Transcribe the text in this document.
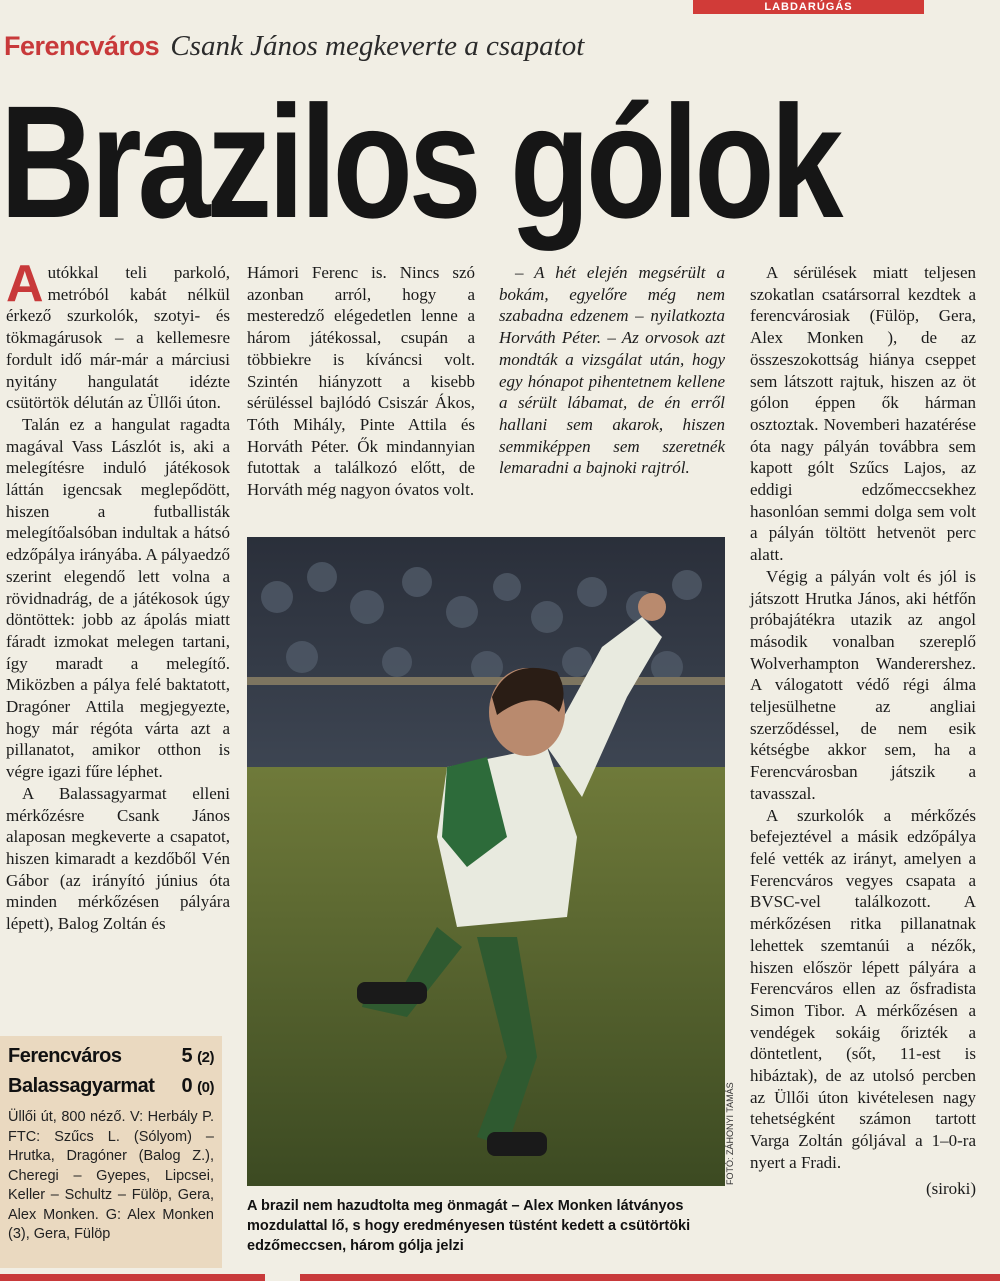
LABDARÚGÁS
Ferencváros Csank János megkeverte a csapatot
Brazilos gólok
A utókkal teli parkoló, metróból kabát nélkül érkező szurkolók, szotyi- és tökmagárusok – a kellemesre fordult idő már-már a márciusi nyitány hangulatát idézte csütörtök délután az Üllői úton.

Talán ez a hangulat ragadta magával Vass Lászlót is, aki a melegítésre induló játékosok láttán igencsak meglepődött, hiszen a futballisták melegítőalsóban indultak a hátsó edzőpálya irányába. A pályaedző szerint elegendő lett volna a rövidnadrág, de a játékosok úgy döntöttek: jobb az ápolás miatt fáradt izmokat melegen tartani, így maradt a melegítő. Miközben a pálya felé baktatott, Dragóner Attila megjegyezte, hogy már régóta várta azt a pillanatot, amikor otthon is végre igazi fűre léphet.

A Balassagyarmat elleni mérkőzésre Csank János alaposan megkeverte a csapatot, hiszen kimaradt a kezdőből Vén Gábor (az irányító június óta minden mérkőzésen pályára lépett), Balog Zoltán és

Hámori Ferenc is. Nincs szó azonban arról, hogy a mesteredző elégedetlen lenne a három játékossal, csupán a többiekre is kíváncsi volt. Szintén hiányzott a kisebb sérüléssel bajlódó Csiszár Ákos, Tóth Mihály, Pinte Attila és Horváth Péter. Ők mindannyian futottak a találkozó előtt, de Horváth még nagyon óvatos volt.

– A hét elején megsérült a bokám, egyelőre még nem szabadna edzenem – nyilatkozta Horváth Péter. – Az orvosok azt mondták a vizsgálat után, hogy egy hónapot pihentetnem kellene a sérült lábamat, de én erről hallani sem akarok, hiszen semmiképpen sem szeretnék lemaradni a bajnoki rajtról.

A sérülések miatt teljesen szokatlan csatársorral kezdtek a ferencvárosiak (Fülöp, Gera, Alex Monken ), de az összeszokottság hiánya cseppet sem látszott rajtuk, hiszen az öt gólon éppen ők hárman osztoztak. Novemberi hazatérése óta nagy pályán továbbra sem kapott gólt Szűcs Lajos, az eddigi edzőmeccsekhez hasonlóan semmi dolga sem volt a pályán töltött hetvenöt perc alatt.

Végig a pályán volt és jól is játszott Hrutka János, aki hétfőn próbajátékra utazik az angol második vonalban szereplő Wolverhampton Wanderershez. A válogatott védő régi álma teljesülhetne az angliai szerződéssel, de nem esik kétségbe akkor sem, ha a Ferencvárosban játszik a tavasszal.

A szurkolók a mérkőzés befejeztével a másik edzőpálya felé vették az irányt, amelyen a Ferencváros vegyes csapata a BVSC-vel találkozott. A mérkőzésen ritka pillanatnak lehettek szemtanúi a nézők, hiszen először lépett pályára a Ferencváros ellen az ősfradista Simon Tibor. A mérkőzésen a vendégek sokáig őrizték a döntetlent, (sőt, 11-est is hibáztak), de az utolsó percben az Üllői úton kivételesen nagy tehetségként számon tartott Varga Zoltán góljával a 1–0-ra nyert a Fradi.

(siroki)
FOTÓ: ZÁHONYI TAMÁS
A brazil nem hazudtolta meg önmagát – Alex Monken látványos mozdulattal lő, s hogy eredményesen tüstént kedett a csütörtöki edzőmeccsen, három gólja jelzi
Ferencváros	5 (2)
Balassagyarmat 0 (0)
Üllői út, 800 néző. V: Herbály P. FTC: Szűcs L. (Sólyom) – Hrutka, Dragóner (Balog Z.), Cheregi – Gyepes, Lipcsei, Keller – Schultz – Fülöp, Gera, Alex Monken. G: Alex Monken (3), Gera, Fülöp
